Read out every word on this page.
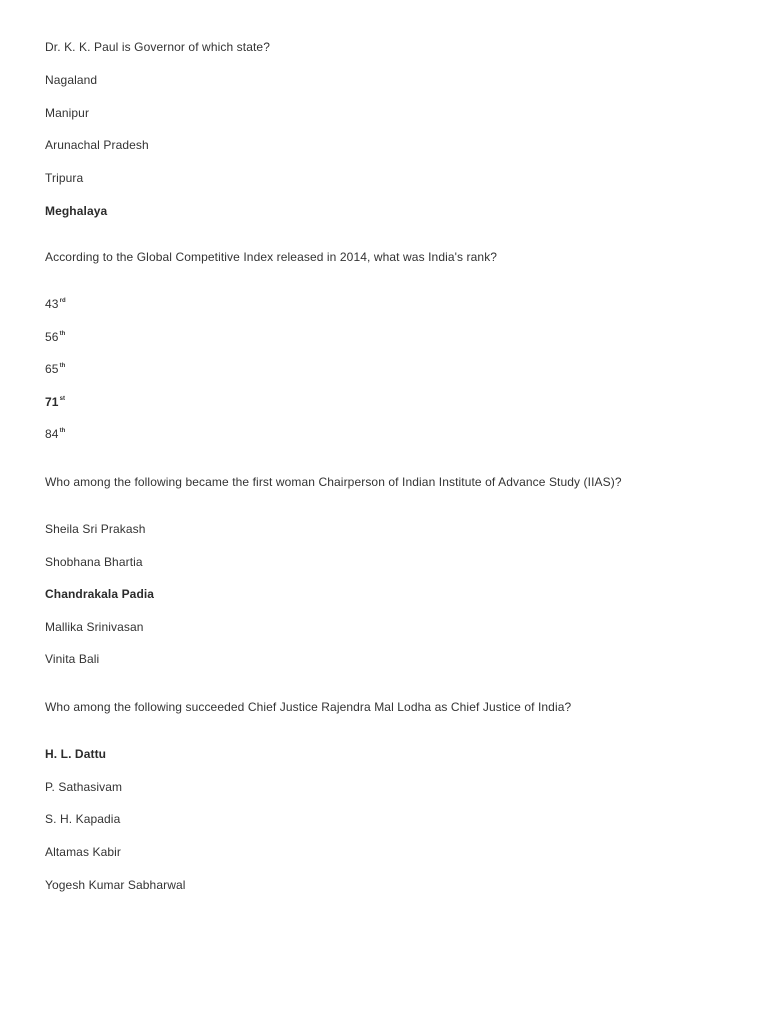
Dr. K. K. Paul is Governor of which state?
Nagaland
Manipur
Arunachal Pradesh
Tripura
Meghalaya
According to the Global Competitive Index released in 2014, what was India's rank?
43rd
56th
65th
71st
84th
Who among the following became the first woman Chairperson of Indian Institute of Advance Study (IIAS)?
Sheila Sri Prakash
Shobhana Bhartia
Chandrakala Padia
Mallika Srinivasan
Vinita Bali
Who among the following succeeded Chief Justice Rajendra Mal Lodha as Chief Justice of India?
H. L. Dattu
P. Sathasivam
S. H. Kapadia
Altamas Kabir
Yogesh Kumar Sabharwal
